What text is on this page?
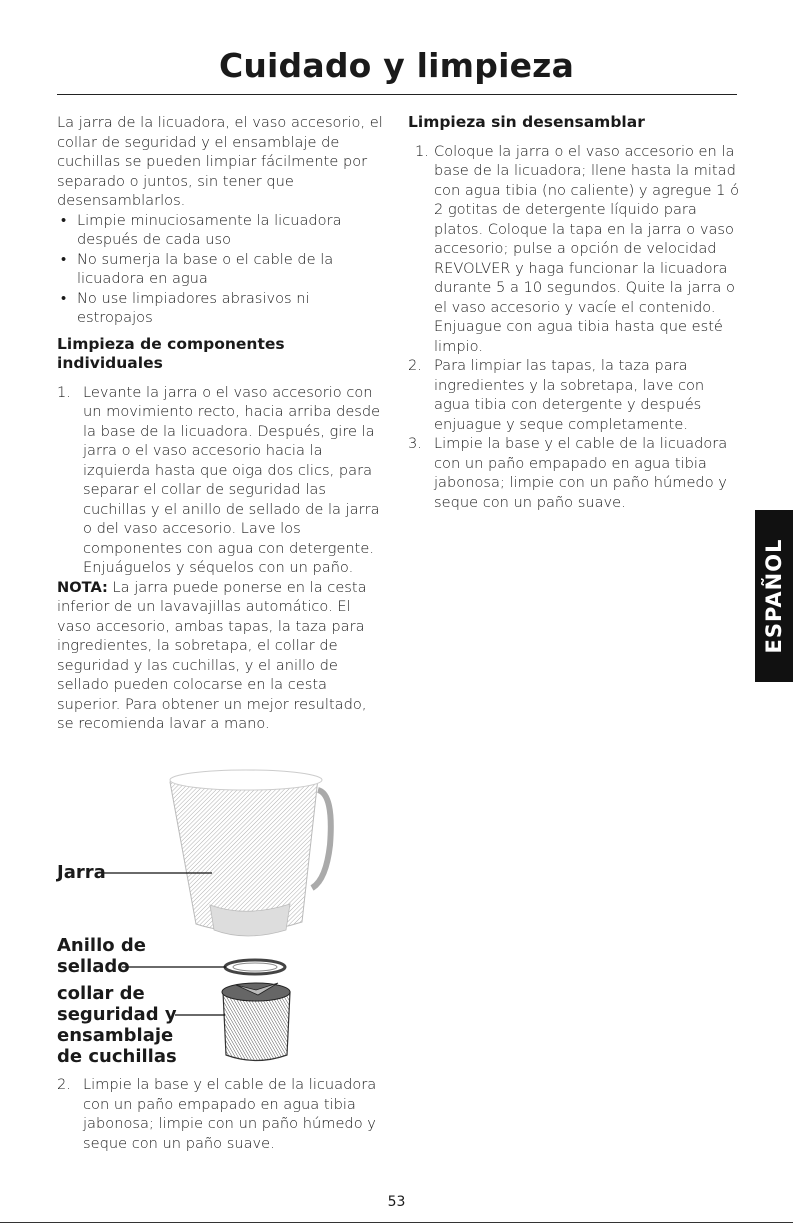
Cuidado y limpieza

La jarra de la licuadora, el vaso accesorio, el collar de seguridad y el ensamblaje de cuchillas se pueden limpiar fácilmente por separado o juntos, sin tener que desensamblarlos.

• Limpie minuciosamente la licuadora después de cada uso
• No sumerja la base o el cable de la licuadora en agua
• No use limpiadores abrasivos ni estropajos

Limpieza de componentes individuales

1. Levante la jarra o el vaso accesorio con un movimiento recto, hacia arriba desde la base de la licuadora. Después, gire la jarra o el vaso accesorio hacia la izquierda hasta que oiga dos clics, para separar el collar de seguridad las cuchillas y el anillo de sellado de la jarra o del vaso accesorio. Lave los componentes con agua con detergente. Enjuáguelos y séquelos con un paño.

NOTA: La jarra puede ponerse en la cesta inferior de un lavavajillas automático. El vaso accesorio, ambas tapas, la taza para ingredientes, la sobretapa, el collar de seguridad y las cuchillas, y el anillo de sellado pueden colocarse en la cesta superior. Para obtener un mejor resultado, se recomienda lavar a mano.

Jarra
Anillo de sellado
collar de seguridad y ensamblaje de cuchillas
2. Limpie la base y el cable de la licuadora con un paño empapado en agua tibia jabonosa; limpie con un paño húmedo y seque con un paño suave.

Limpieza sin desensamblar

1. Coloque la jarra o el vaso accesorio en la base de la licuadora; llene hasta la mitad con agua tibia (no caliente) y agregue 1 ó 2 gotitas de detergente líquido para platos. Coloque la tapa en la jarra o vaso accesorio; pulse a opción de velocidad REVOLVER y haga funcionar la licuadora durante 5 a 10 segundos. Quite la jarra o el vaso accesorio y vacíe el contenido. Enjuague con agua tibia hasta que esté limpio.
2. Para limpiar las tapas, la taza para ingredientes y la sobretapa, lave con agua tibia con detergente y después enjuague y seque completamente.
3. Limpie la base y el cable de la licuadora con un paño empapado en agua tibia jabonosa; limpie con un paño húmedo y seque con un paño suave.
ESPAÑOL
53
